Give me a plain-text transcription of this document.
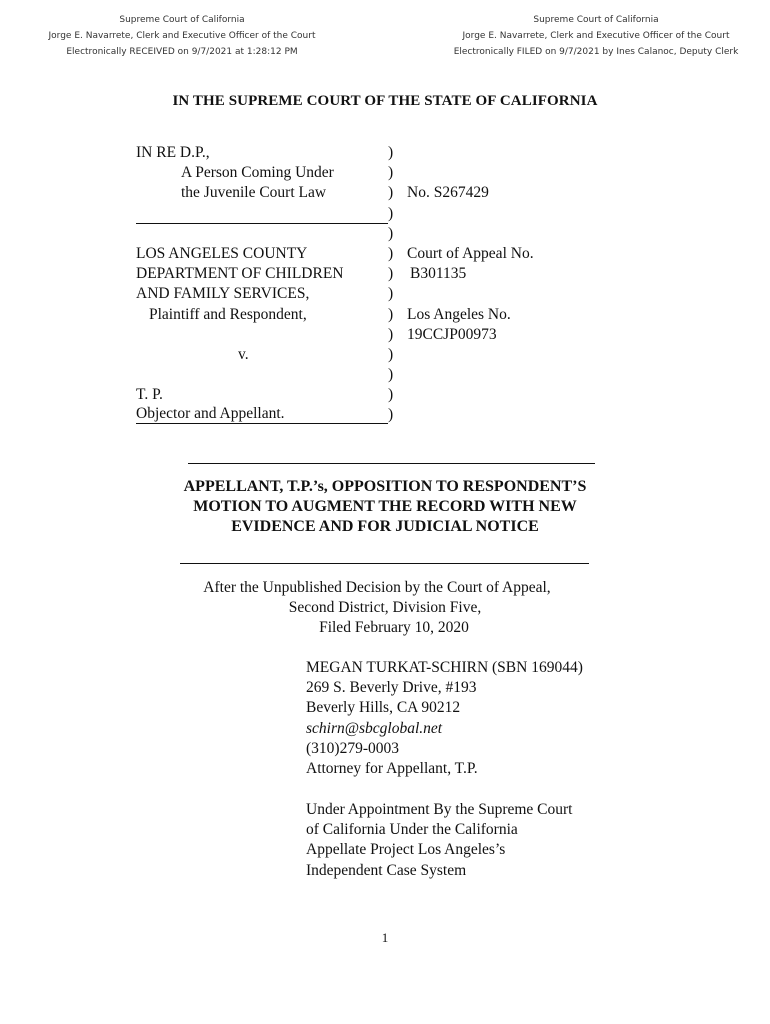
Supreme Court of California
Jorge E. Navarrete, Clerk and Executive Officer of the Court
Electronically RECEIVED on 9/7/2021 at 1:28:12 PM
Supreme Court of California
Jorge E. Navarrete, Clerk and Executive Officer of the Court
Electronically FILED on 9/7/2021 by Ines Calanoc, Deputy Clerk
IN THE SUPREME COURT OF THE STATE OF CALIFORNIA
IN RE D.P.,	)
A Person Coming Under	)
the Juvenile Court Law	) No. S267429
)
)
LOS ANGELES COUNTY	) Court of Appeal No.
DEPARTMENT OF CHILDREN	) B301135
AND FAMILY SERVICES,	)
Plaintiff and Respondent,	) Los Angeles No.
) 19CCJP00973
v.	)
)
T. P.	)
Objector and Appellant.	)
APPELLANT, T.P.’s, OPPOSITION TO RESPONDENT’S
MOTION TO AUGMENT THE RECORD WITH NEW
EVIDENCE AND FOR JUDICIAL NOTICE
After the Unpublished Decision by the Court of Appeal,
Second District, Division Five,
Filed February 10, 2020
MEGAN TURKAT-SCHIRN (SBN 169044)
269 S. Beverly Drive, #193
Beverly Hills, CA 90212
schirn@sbcglobal.net
(310)279-0003
Attorney for Appellant, T.P.
Under Appointment By the Supreme Court
of California Under the California
Appellate Project Los Angeles’s
Independent Case System
1
